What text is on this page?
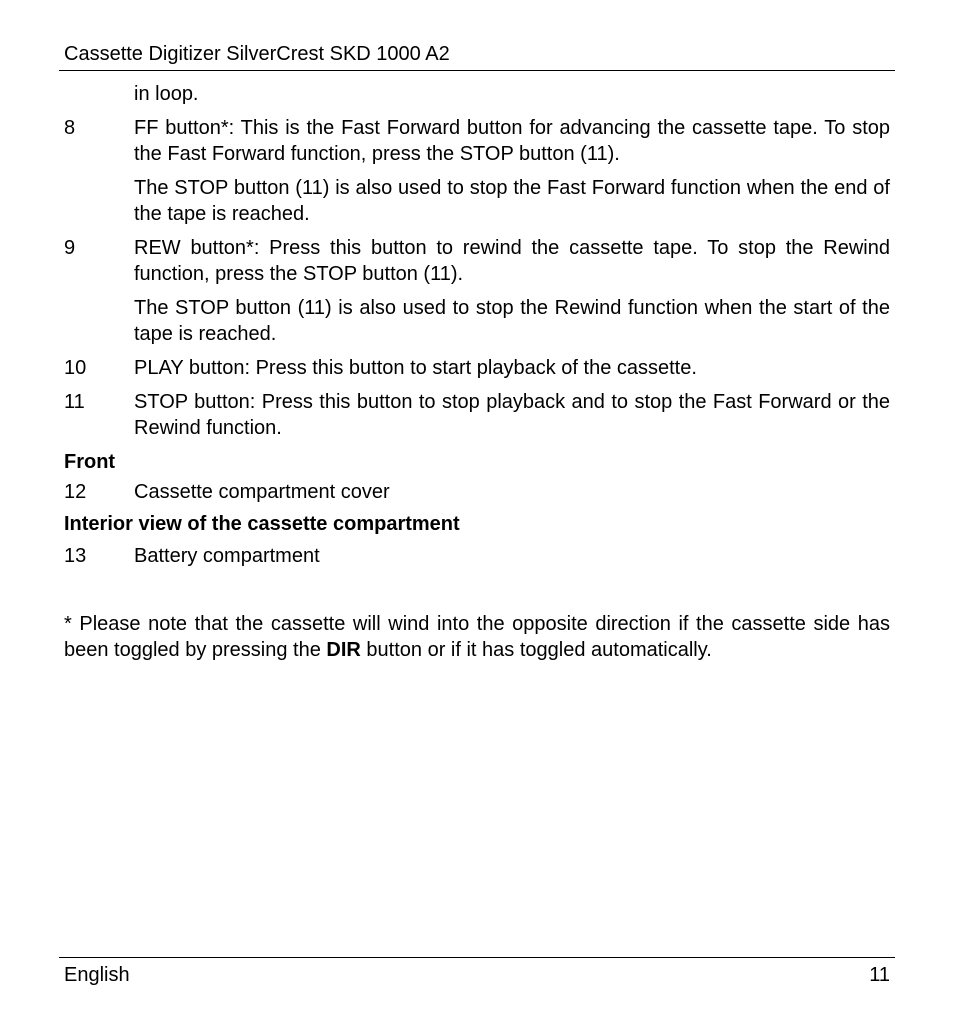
Cassette Digitizer SilverCrest SKD 1000 A2
in loop.
8	FF button*: This is the Fast Forward button for advancing the cassette tape. To stop the Fast Forward function, press the STOP button (11).
The STOP button (11) is also used to stop the Fast Forward function when the end of the tape is reached.
9	REW button*: Press this button to rewind the cassette tape. To stop the Rewind function, press the STOP button (11).
The STOP button (11) is also used to stop the Rewind function when the start of the tape is reached.
10	PLAY button: Press this button to start playback of the cassette.
11	STOP button: Press this button to stop playback and to stop the Fast Forward or the Rewind function.
Front
12	Cassette compartment cover
Interior view of the cassette compartment
13	Battery compartment
* Please note that the cassette will wind into the opposite direction if the cassette side has been toggled by pressing the DIR button or if it has toggled automatically.
English	11
